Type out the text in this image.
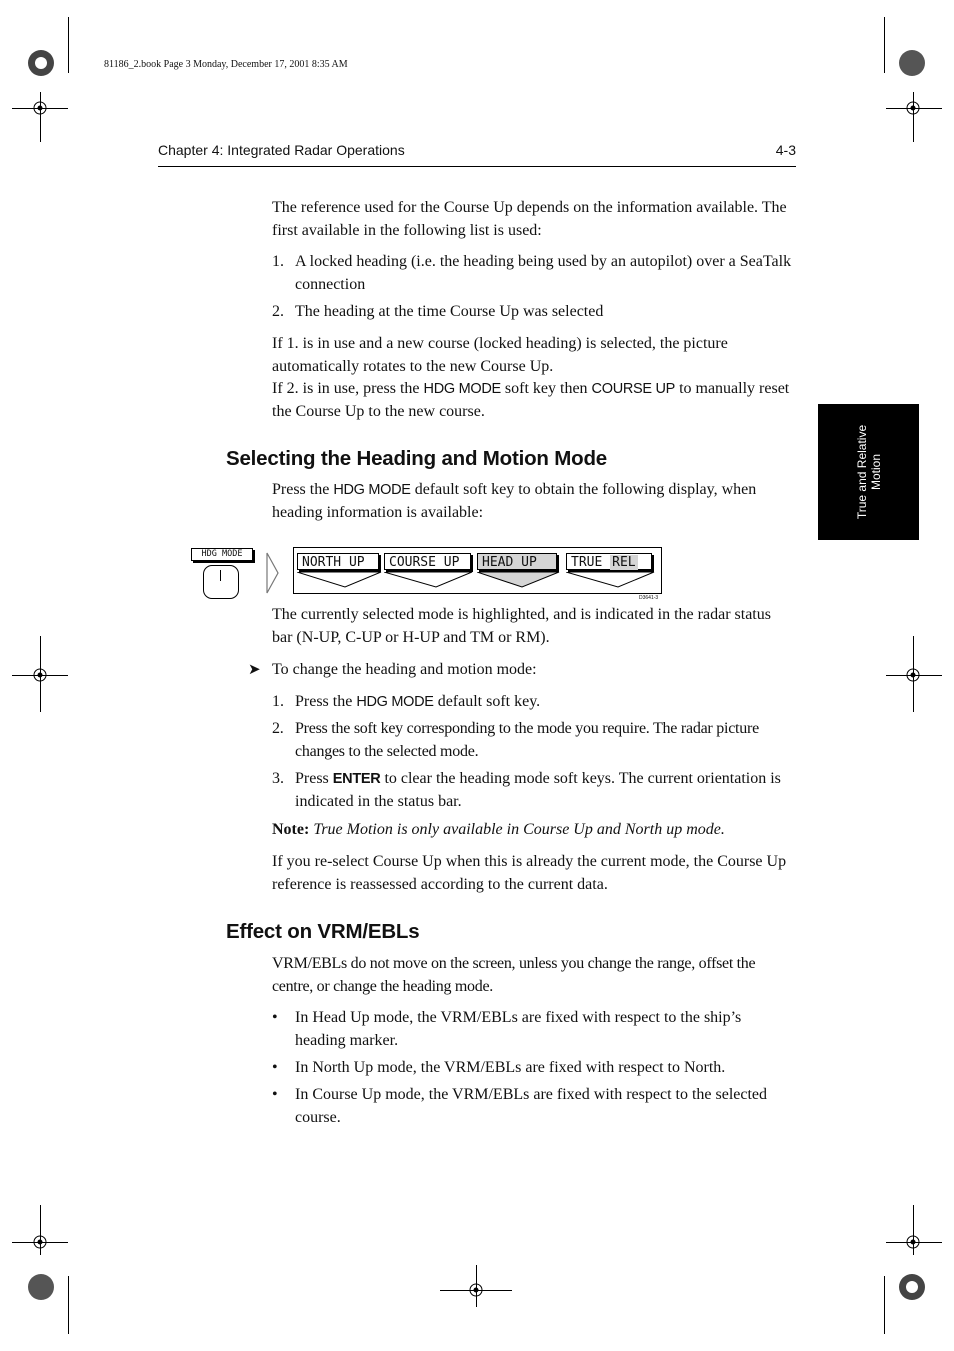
81186_2.book Page 3 Monday, December 17, 2001 8:35 AM
Chapter 4: Integrated Radar Operations	4-3
True and Relative Motion

The reference used for the Course Up depends on the information available. The first available in the following list is used:

1. A locked heading (i.e. the heading being used by an autopilot) over a SeaTalk connection
2. The heading at the time Course Up was selected

If 1. is in use and a new course (locked heading) is selected, the picture automatically rotates to the new Course Up.

If 2. is in use, press the HDG MODE soft key then COURSE UP to manually reset the Course Up to the new course.

Selecting the Heading and Motion Mode

Press the HDG MODE default soft key to obtain the following display, when heading information is available:

HDG MODE
NORTH UP	COURSE UP	HEAD UP	TRUE REL
D3641-3

The currently selected mode is highlighted, and is indicated in the radar status bar (N-UP, C-UP or H-UP and TM or RM).

➤ To change the heading and motion mode:

1. Press the HDG MODE default soft key.
2. Press the soft key corresponding to the mode you require. The radar picture changes to the selected mode.
3. Press ENTER to clear the heading mode soft keys. The current orientation is indicated in the status bar.

Note: True Motion is only available in Course Up and North up mode.

If you re-select Course Up when this is already the current mode, the Course Up reference is reassessed according to the current data.

Effect on VRM/EBLs

VRM/EBLs do not move on the screen, unless you change the range, offset the centre, or change the heading mode.

• In Head Up mode, the VRM/EBLs are fixed with respect to the ship’s heading marker.
• In North Up mode, the VRM/EBLs are fixed with respect to North.
• In Course Up mode, the VRM/EBLs are fixed with respect to the selected course.
